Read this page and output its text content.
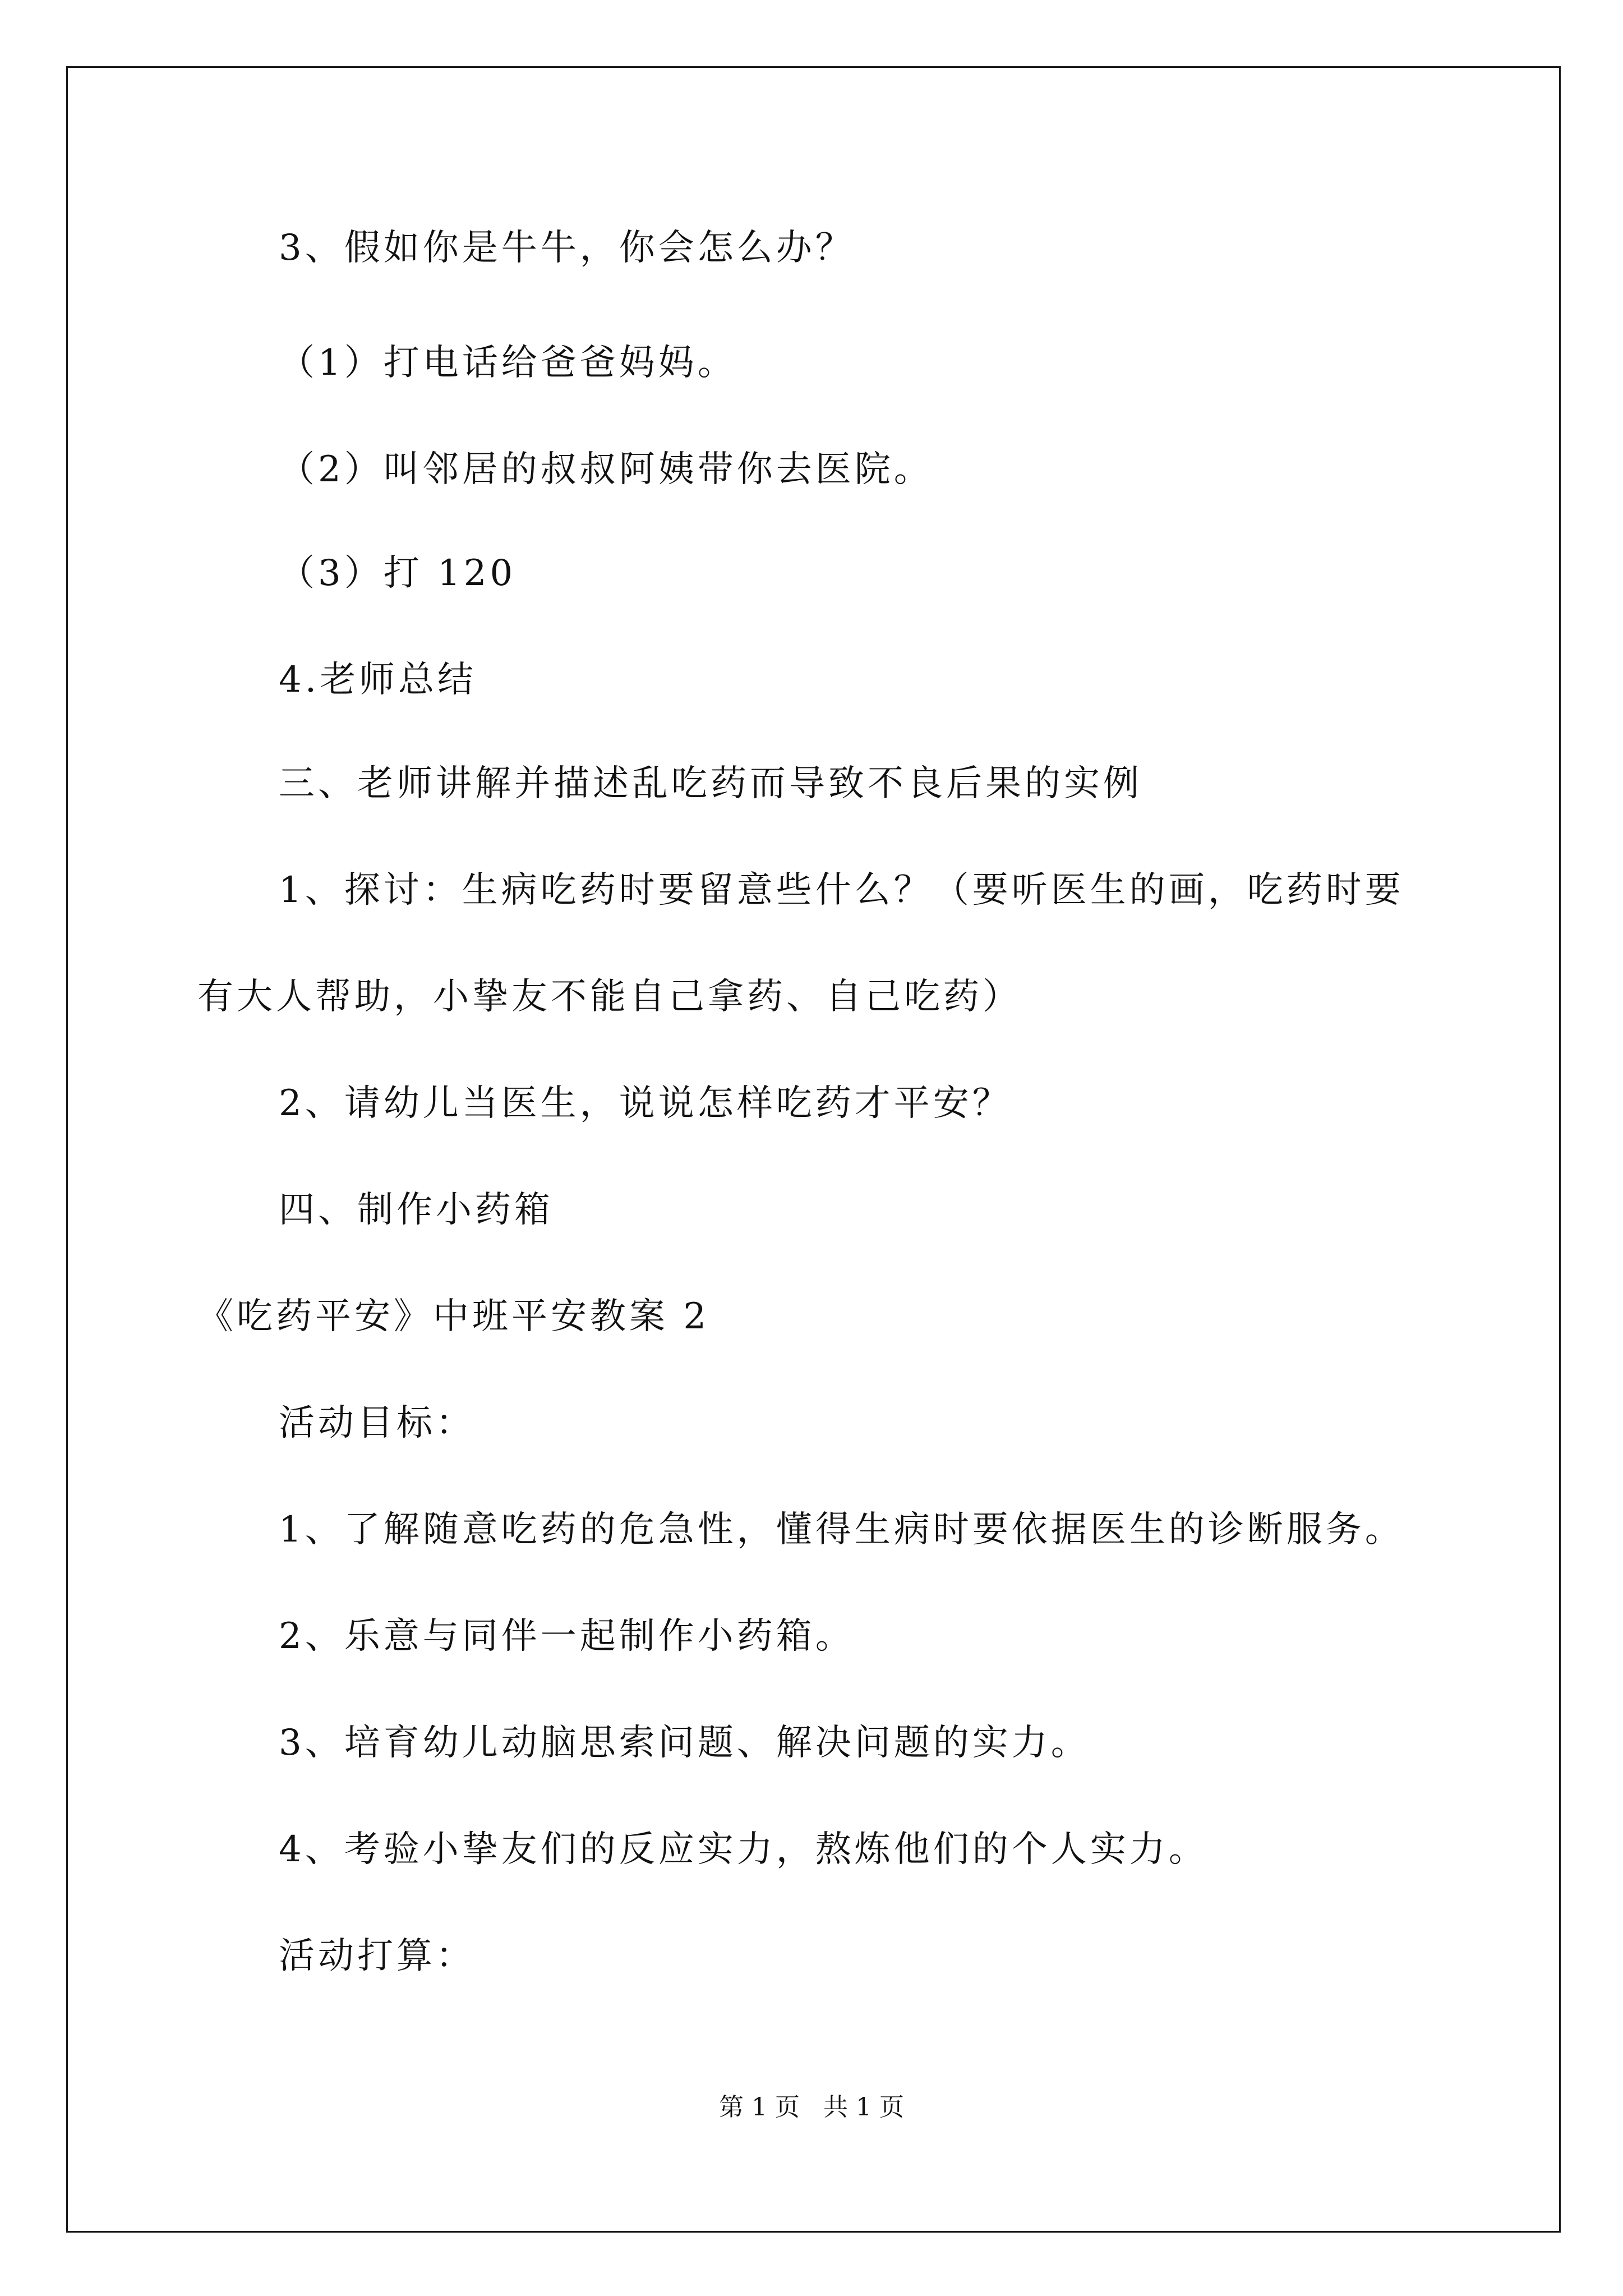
3、假如你是牛牛，你会怎么办？
（1）打电话给爸爸妈妈。
（2）叫邻居的叔叔阿姨带你去医院。
（3）打 120
4.老师总结
三、老师讲解并描述乱吃药而导致不良后果的实例
1、探讨：生病吃药时要留意些什么？（要听医生的画，吃药时要
有大人帮助，小挚友不能自己拿药、自己吃药）
2、请幼儿当医生，说说怎样吃药才平安？
四、制作小药箱
《吃药平安》中班平安教案 2
活动目标：
1、了解随意吃药的危急性，懂得生病时要依据医生的诊断服务。
2、乐意与同伴一起制作小药箱。
3、培育幼儿动脑思索问题、解决问题的实力。
4、考验小挚友们的反应实力，熬炼他们的个人实力。
活动打算：
第 1 页   共 1 页
